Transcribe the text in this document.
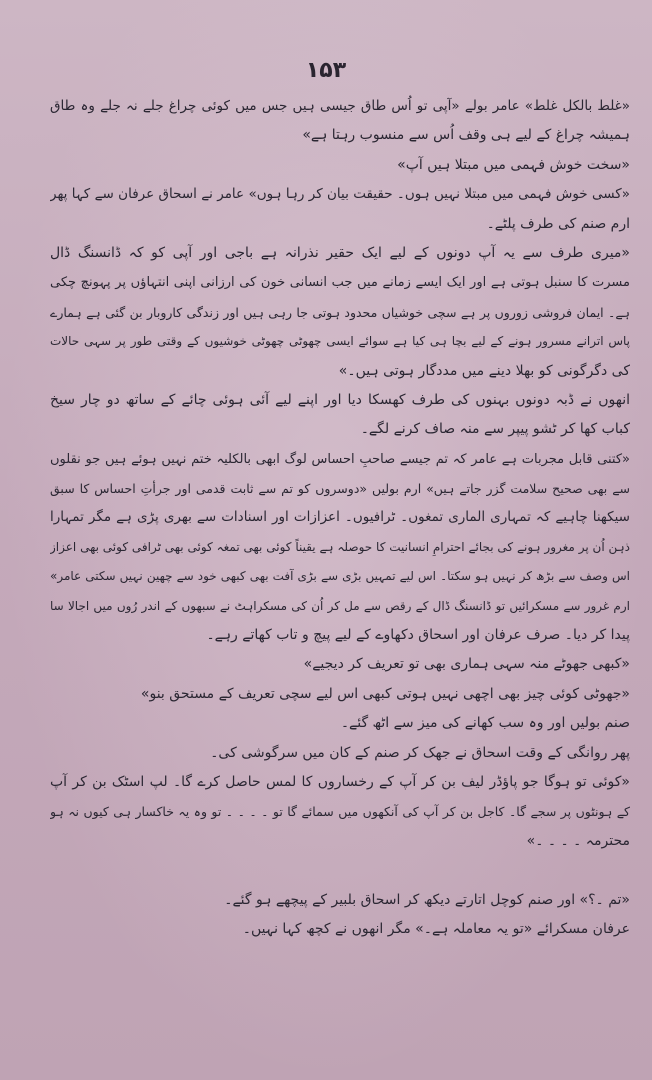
۱۵۳
«غلط بالکل غلط» عامر بولے «آپی تو اُس طاق جیسی ہیں جس میں کوئی چراغ جلے نہ جلے وہ طاق
ہمیشہ چراغ کے لیے ہی وقف اُس سے منسوب رہتا ہے»
«سخت خوش فہمی میں مبتلا ہیں آپ»
«کسی خوش فہمی میں مبتلا نہیں ہوں۔ حقیقت بیان کر رہا ہوں» عامر نے اسحاق عرفان سے کہا پھر
ارم صنم کی طرف پلٹے۔
«میری طرف سے یہ آپ دونوں کے لیے ایک حقیر نذرانہ ہے باجی اور آپی کو کہ ڈانسنگ ڈال
مسرت کا سنبل ہوتی ہے اور ایک ایسے زمانے میں جب انسانی خون کی ارزانی اپنی انتہاؤں پر پہونچ چکی
ہے۔ ایمان فروشی زوروں پر ہے سچی خوشیاں محدود ہوتی جا رہی ہیں اور زندگی کاروبار بن گئی ہے ہمارے
پاس اترانے مسرور ہونے کے لیے بچا ہی کیا ہے سوائے ایسی چھوٹی چھوٹی خوشیوں کے وقتی طور پر سہی حالات
کی دگرگونی کو بھلا دینے میں مددگار ہوتی ہیں۔»
انھوں نے ڈبہ دونوں بہنوں کی طرف کھسکا دیا اور اپنے لیے آئی ہوئی چائے کے ساتھ دو چار سیخ
کباب کھا کر ٹشو پیپر سے منہ صاف کرنے لگے۔
«کتنی قابل مجربات ہے عامر کہ تم جیسے صاحبِ احساس لوگ ابھی بالکلیہ ختم نہیں ہوئے ہیں جو نقلوں
سے بھی صحیح سلامت گزر جاتے ہیں» ارم بولیں «دوسروں کو تم سے ثابت قدمی اور جرأتِ احساس کا سبق
سیکھنا چاہیے کہ تمہاری الماری تمغوں۔ ٹرافیوں۔ اعزازات اور اسنادات سے بھری پڑی ہے مگر تمہارا
ذہن اُن پر مغرور ہونے کی بجائے احترامِ انسانیت کا حوصلہ ہے یقیناً کوئی بھی تمغہ کوئی بھی ٹرافی کوئی بھی اعزاز
اس وصف سے بڑھ کر نہیں ہو سکتا۔ اس لیے تمہیں بڑی سے بڑی آفت بھی کبھی خود سے چھین نہیں سکتی عامر»
ارم غرور سے مسکرائیں تو ڈانسنگ ڈال کے رقص سے مل کر اُن کی مسکراہٹ نے سبھوں کے اندر رُوں میں اجالا سا
پیدا کر دیا۔ صرف عرفان اور اسحاق دکھاوے کے لیے پیچ و تاب کھاتے رہے۔
«کبھی جھوٹے منہ سہی ہماری بھی تو تعریف کر دیجیے»
«جھوٹی کوئی چیز بھی اچھی نہیں ہوتی کبھی اس لیے سچی تعریف کے مستحق بنو»
صنم بولیں اور وہ سب کھانے کی میز سے اٹھ گئے۔
پھر روانگی کے وقت اسحاق نے جھک کر صنم کے کان میں سرگوشی کی۔
«کوئی تو ہوگا جو پاؤڈر لیف بن کر آپ کے رخساروں کا لمس حاصل کرے گا۔ لپ اسٹک بن کر آپ
کے ہونٹوں پر سجے گا۔ کاجل بن کر آپ کی آنکھوں میں سمائے گا تو ۔ ۔ ۔ ۔ تو وہ یہ خاکسار ہی کیوں نہ ہو
محترمہ ۔ ۔ ۔ ۔»
«تم ۔؟» اور صنم کوچل اتارتے دیکھ کر اسحاق بلبیر کے پیچھے ہو گئے۔
عرفان مسکرائے «تو یہ معاملہ ہے۔» مگر انھوں نے کچھ کہا نہیں۔
